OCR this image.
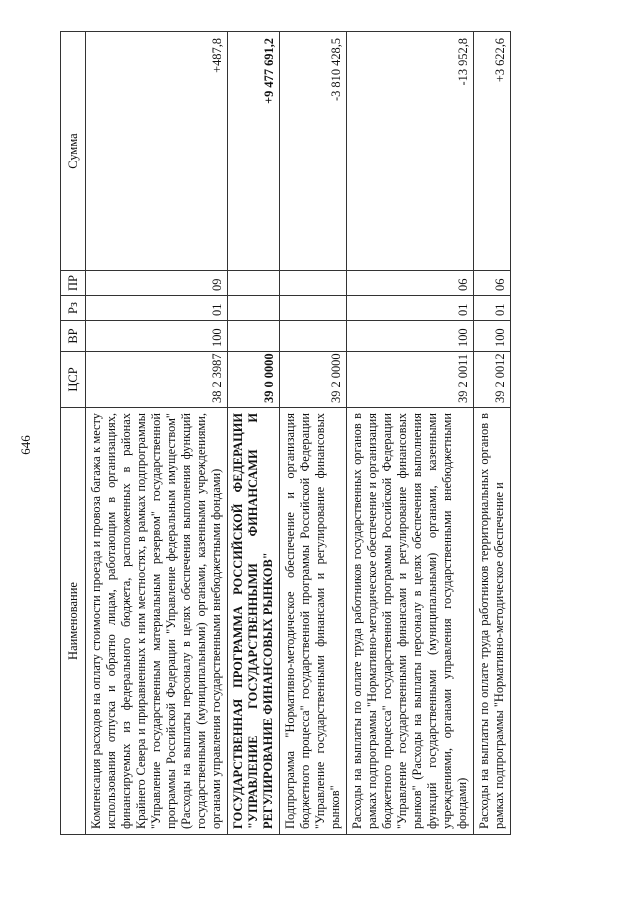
646
Наименование	ЦСР	ВР	Рз	ПР	Сумма
Компенсация расходов на оплату стоимости проезда и провоза багажа к месту использования отпуска и обратно лицам, работающим в организациях, финансируемых из федерального бюджета, расположенных в районах Крайнего Севера и приравненных к ним местностях, в рамках подпрограммы "Управление государственным материальным резервом" государственной программы Российской Федерации "Управление федеральным имуществом" (Расходы на выплаты персоналу в целях обеспечения выполнения функций государственными (муниципальными) органами, казенными учреждениями, органами управления государственными внебюджетными фондами)	38 2 3987	100	01	09	+487,8
ГОСУДАРСТВЕННАЯ ПРОГРАММА РОССИЙСКОЙ ФЕДЕРАЦИИ "УПРАВЛЕНИЕ ГОСУДАРСТВЕННЫМИ ФИНАНСАМИ И РЕГУЛИРОВАНИЕ ФИНАНСОВЫХ РЫНКОВ"	39 0 0000				+9 477 691,2
Подпрограмма "Нормативно-методическое обеспечение и организация бюджетного процесса" государственной программы Российской Федерации "Управление государственными финансами и регулирование финансовых рынков"	39 2 0000				-3 810 428,5
Расходы на выплаты по оплате труда работников государственных органов в рамках подпрограммы "Нормативно-методическое обеспечение и организация бюджетного процесса" государственной программы Российской Федерации "Управление государственными финансами и регулирование финансовых рынков" (Расходы на выплаты персоналу в целях обеспечения выполнения функций государственными (муниципальными) органами, казенными учреждениями, органами управления государственными внебюджетными фондами)	39 2 0011	100	01	06	-13 952,8
Расходы на выплаты по оплате труда работников территориальных органов в рамках подпрограммы "Нормативно-методическое обеспечение и	39 2 0012	100	01	06	+3 622,6
